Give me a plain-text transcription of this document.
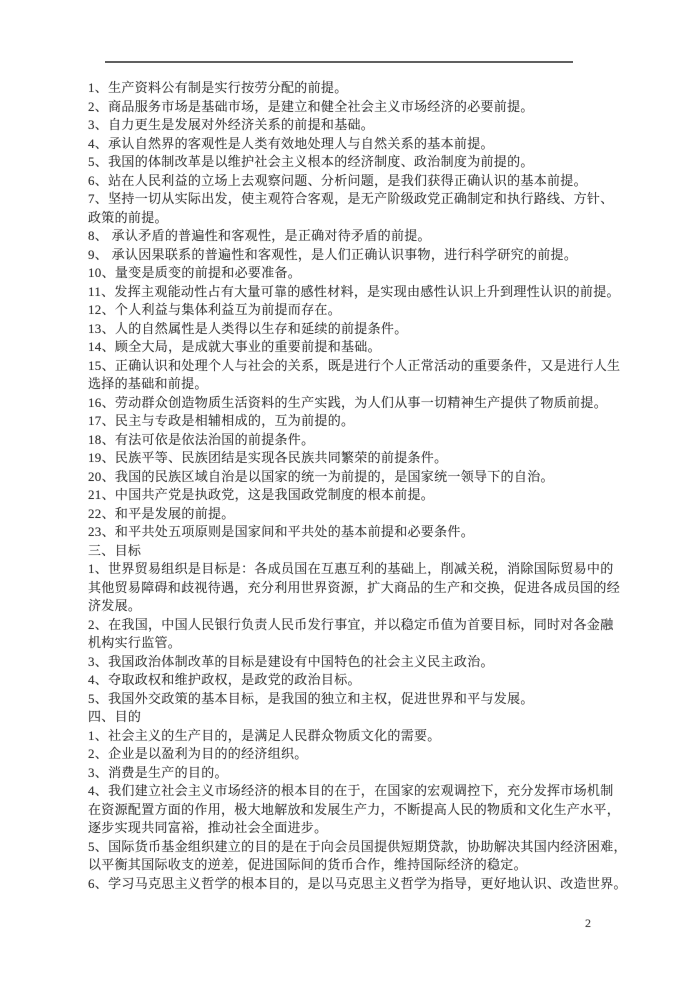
1、生产资料公有制是实行按劳分配的前提。
2、商品服务市场是基础市场，是建立和健全社会主义市场经济的必要前提。
3、自力更生是发展对外经济关系的前提和基础。
4、承认自然界的客观性是人类有效地处理人与自然关系的基本前提。
5、我国的体制改革是以维护社会主义根本的经济制度、政治制度为前提的。
6、站在人民利益的立场上去观察问题、分析问题，是我们获得正确认识的基本前提。
7、坚持一切从实际出发，使主观符合客观，是无产阶级政党正确制定和执行路线、方针、
政策的前提。
8、 承认矛盾的普遍性和客观性，是正确对待矛盾的前提。
9、 承认因果联系的普遍性和客观性，是人们正确认识事物，进行科学研究的前提。
10、量变是质变的前提和必要准备。
11、发挥主观能动性占有大量可靠的感性材料，是实现由感性认识上升到理性认识的前提。
12、个人利益与集体利益互为前提而存在。
13、人的自然属性是人类得以生存和延续的前提条件。
14、顾全大局，是成就大事业的重要前提和基础。
15、正确认识和处理个人与社会的关系，既是进行个人正常活动的重要条件，又是进行人生
选择的基础和前提。
16、劳动群众创造物质生活资料的生产实践，为人们从事一切精神生产提供了物质前提。
17、民主与专政是相辅相成的，互为前提的。
18、有法可依是依法治国的前提条件。
19、民族平等、民族团结是实现各民族共同繁荣的前提条件。
20、我国的民族区域自治是以国家的统一为前提的，是国家统一领导下的自治。
21、中国共产党是执政党，这是我国政党制度的根本前提。
22、和平是发展的前提。
23、和平共处五项原则是国家间和平共处的基本前提和必要条件。
三、目标
1、世界贸易组织是目标是：各成员国在互惠互利的基础上，削减关税，消除国际贸易中的
其他贸易障碍和歧视待遇，充分利用世界资源，扩大商品的生产和交换，促进各成员国的经
济发展。
2、在我国，中国人民银行负责人民币发行事宜，并以稳定币值为首要目标，同时对各金融
机构实行监管。
3、我国政治体制改革的目标是建设有中国特色的社会主义民主政治。
4、夺取政权和维护政权，是政党的政治目标。
5、我国外交政策的基本目标，是我国的独立和主权，促进世界和平与发展。
四、目的
1、社会主义的生产目的，是满足人民群众物质文化的需要。
2、企业是以盈利为目的的经济组织。
3、消费是生产的目的。
4、我们建立社会主义市场经济的根本目的在于，在国家的宏观调控下，充分发挥市场机制
在资源配置方面的作用，极大地解放和发展生产力，不断提高人民的物质和文化生产水平，
逐步实现共同富裕，推动社会全面进步。
5、国际货币基金组织建立的目的是在于向会员国提供短期贷款，协助解决其国内经济困难，
以平衡其国际收支的逆差，促进国际间的货币合作，维持国际经济的稳定。
6、学习马克思主义哲学的根本目的，是以马克思主义哲学为指导，更好地认识、改造世界。
2
